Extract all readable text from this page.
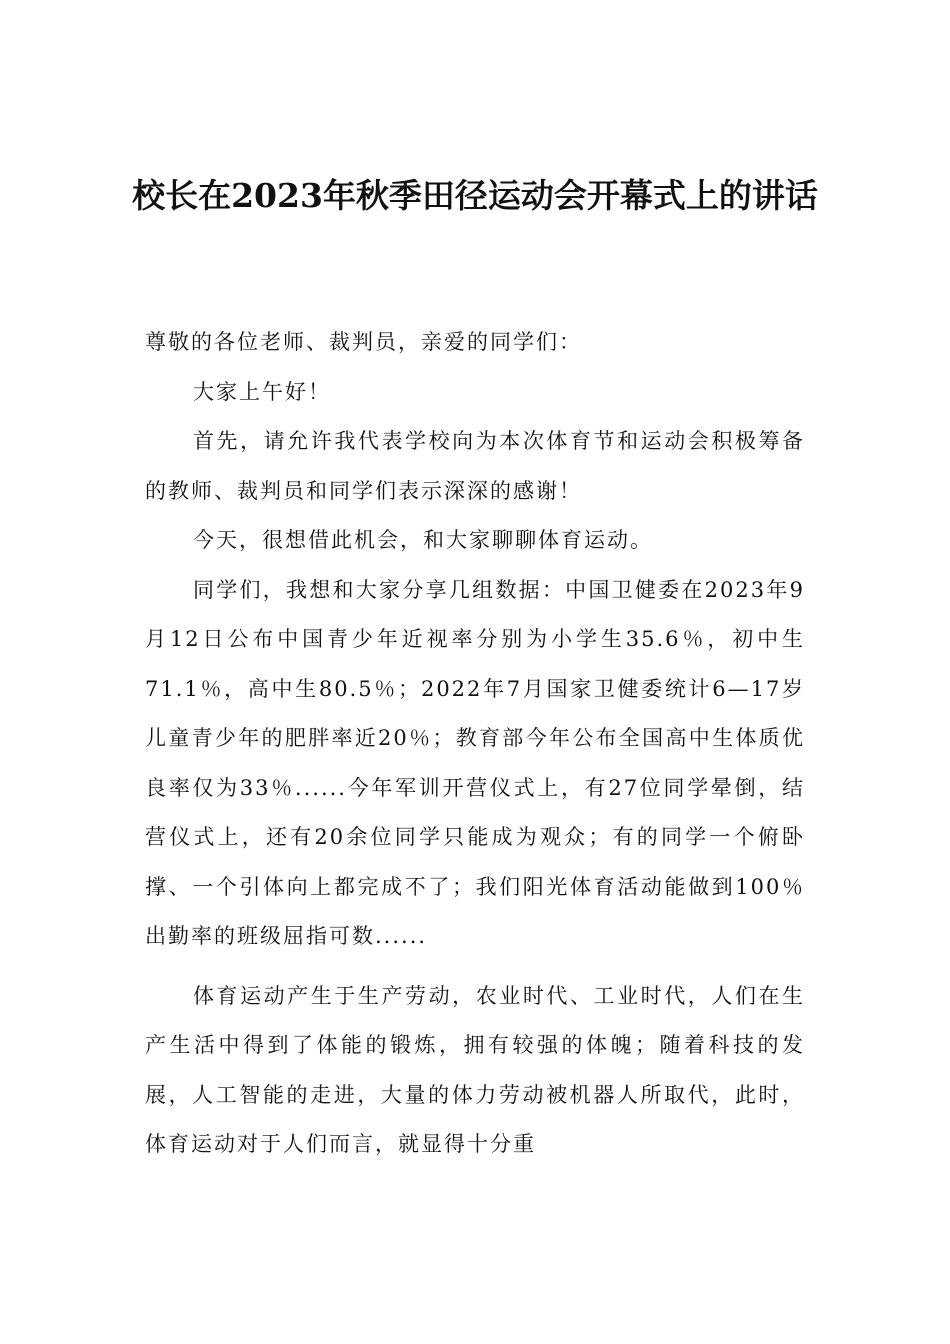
校长在2023年秋季田径运动会开幕式上的讲话

尊敬的各位老师、裁判员，亲爱的同学们：

大家上午好！

首先，请允许我代表学校向为本次体育节和运动会积极筹备的教师、裁判员和同学们表示深深的感谢！

今天，很想借此机会，和大家聊聊体育运动。

同学们，我想和大家分享几组数据：中国卫健委在2023年9月12日公布中国青少年近视率分别为小学生35.6％，初中生71.1％，高中生80.5％；2022年7月国家卫健委统计6—17岁儿童青少年的肥胖率近20％；教育部今年公布全国高中生体质优良率仅为33％......今年军训开营仪式上，有27位同学晕倒，结营仪式上，还有20余位同学只能成为观众；有的同学一个俯卧撑、一个引体向上都完成不了；我们阳光体育活动能做到100％出勤率的班级屈指可数......

体育运动产生于生产劳动，农业时代、工业时代，人们在生产生活中得到了体能的锻炼，拥有较强的体魄；随着科技的发展，人工智能的走进，大量的体力劳动被机器人所取代，此时，体育运动对于人们而言，就显得十分重
